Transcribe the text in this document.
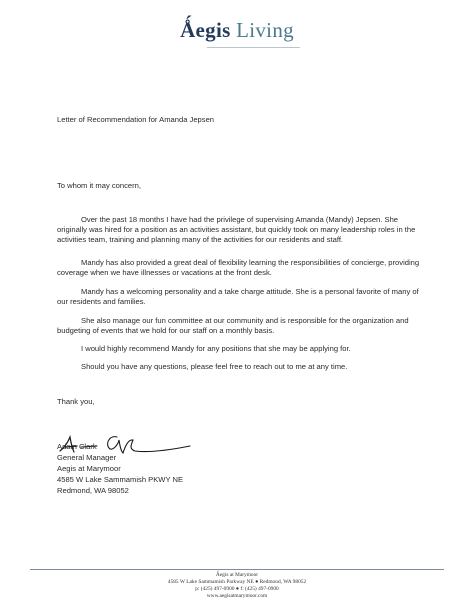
Ǻegis Living
Letter of Recommendation for Amanda Jepsen
To whom it may concern,
Over the past 18 months I have had the privilege of supervising Amanda (Mandy) Jepsen. She originally was hired for a position as an activities assistant, but quickly took on many leadership roles in the activities team, training and planning many of the activities for our residents and staff.
Mandy has also provided a great deal of flexibility learning the responsibilities of concierge, providing coverage when we have illnesses or vacations at the front desk.
Mandy has a welcoming personality and a take charge attitude. She is a personal favorite of many of our residents and families.
She also manage our fun committee at our community and is responsible for the organization and budgeting of events that we hold for our staff on a monthly basis.
I would highly recommend Mandy for any positions that she may be applying for.
Should you have any questions, please feel free to reach out to me at any time.
Thank you,
Adam Clark
General Manager
Aegis at Marymoor
4585 W Lake Sammamish PKWY NE
Redmond, WA 98052
Ǻegis at Marymoor
4585 W Lake Sammamish Parkway NE ● Redmond, WA 98052
p: (425) 497-0900 ● f: (425) 497-0900
www.aegisatmarymoor.com
